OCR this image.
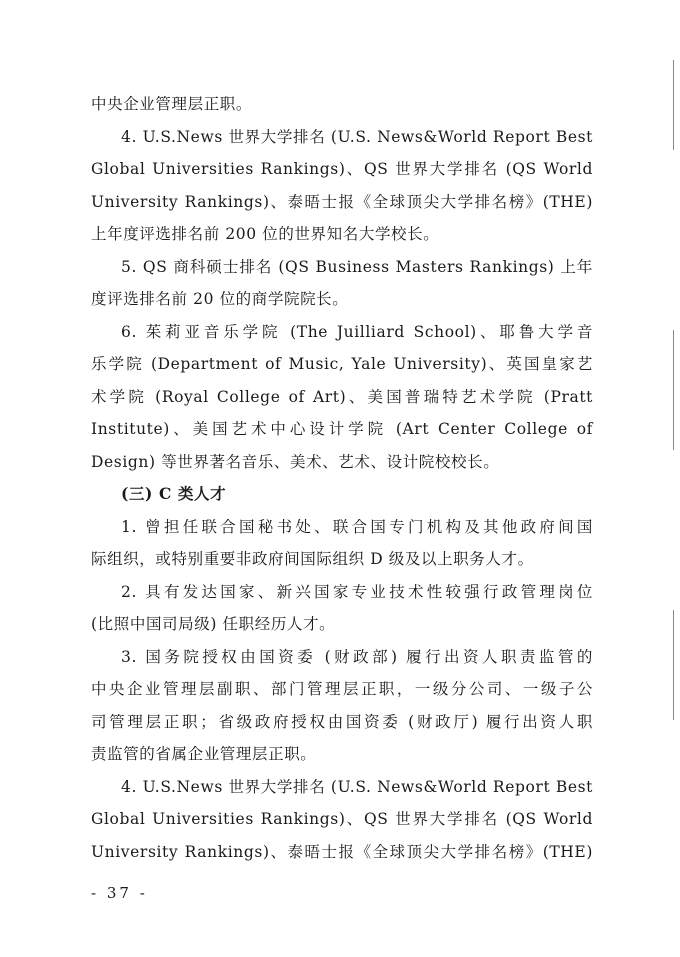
中央企业管理层正职。
4. U.S.News 世界大学排名 (U.S. News&World Report Best
Global Universities Rankings)、QS 世界大学排名 (QS World
University Rankings)、泰晤士报《全球顶尖大学排名榜》(THE)
上年度评选排名前 200 位的世界知名大学校长。
5. QS 商科硕士排名 (QS Business Masters Rankings) 上年
度评选排名前 20 位的商学院院长。
6. 茱莉亚音乐学院 (The Juilliard School)、耶鲁大学音
乐学院 (Department of Music, Yale University)、英国皇家艺
术学院 (Royal College of Art)、美国普瑞特艺术学院 (Pratt
Institute)、美国艺术中心设计学院 (Art Center College of
Design) 等世界著名音乐、美术、艺术、设计院校校长。
(三) C 类人才
1. 曾担任联合国秘书处、联合国专门机构及其他政府间国
际组织，或特别重要非政府间国际组织 D 级及以上职务人才。
2. 具有发达国家、新兴国家专业技术性较强行政管理岗位
(比照中国司局级) 任职经历人才。
3. 国务院授权由国资委 (财政部) 履行出资人职责监管的
中央企业管理层副职、部门管理层正职，一级分公司、一级子公
司管理层正职；省级政府授权由国资委 (财政厅) 履行出资人职
责监管的省属企业管理层正职。
4. U.S.News 世界大学排名 (U.S. News&World Report Best
Global Universities Rankings)、QS 世界大学排名 (QS World
University Rankings)、泰晤士报《全球顶尖大学排名榜》(THE)
- 37 -
